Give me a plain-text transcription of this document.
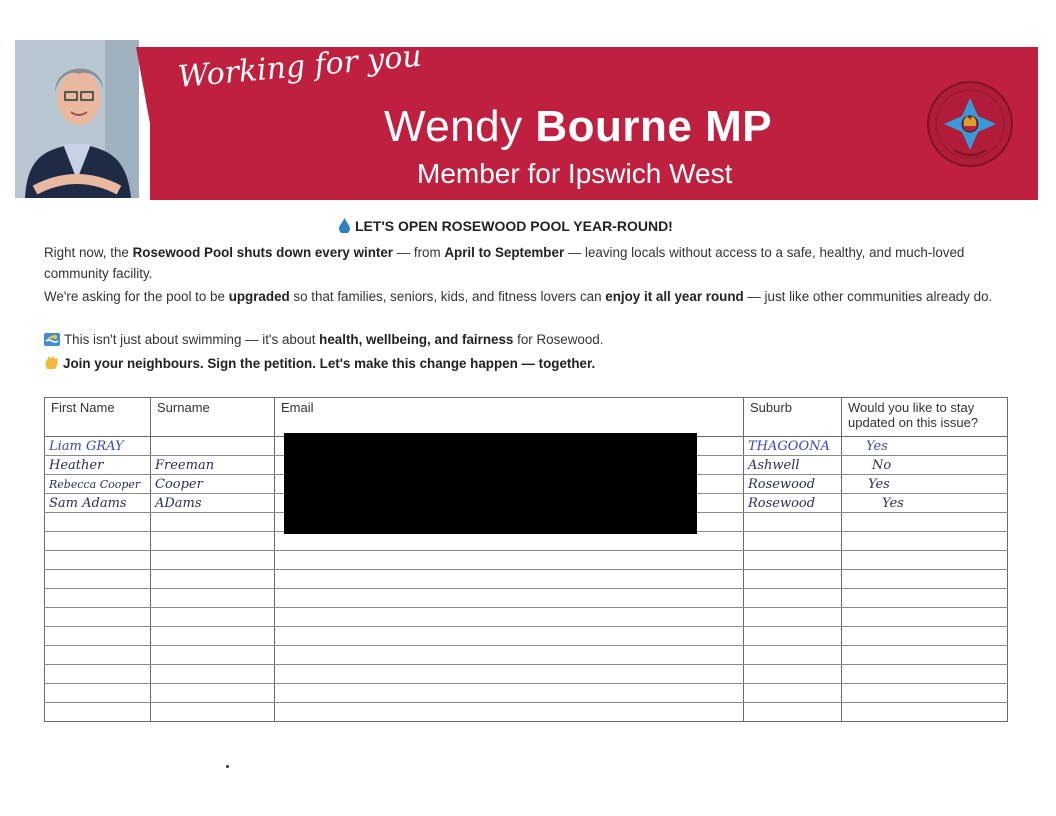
Working for you
Wendy Bourne MP
Member for Ipswich West
LET'S OPEN ROSEWOOD POOL YEAR-ROUND!
Right now, the Rosewood Pool shuts down every winter — from April to September — leaving locals without access to a safe, healthy, and much-loved community facility.
We're asking for the pool to be upgraded so that families, seniors, kids, and fitness lovers can enjoy it all year round — just like other communities already do.
This isn't just about swimming — it's about health, wellbeing, and fairness for Rosewood.
Join your neighbours. Sign the petition. Let's make this change happen — together.
First Name	Surname	Email	Suburb	Would you like to stay updated on this issue?
Liam GRAY			THAGOONA	Yes
Heather	Freeman		Ashwell	No
Rebecca Cooper	Cooper		Rosewood	Yes
Sam Adams	ADams		Rosewood	Yes
